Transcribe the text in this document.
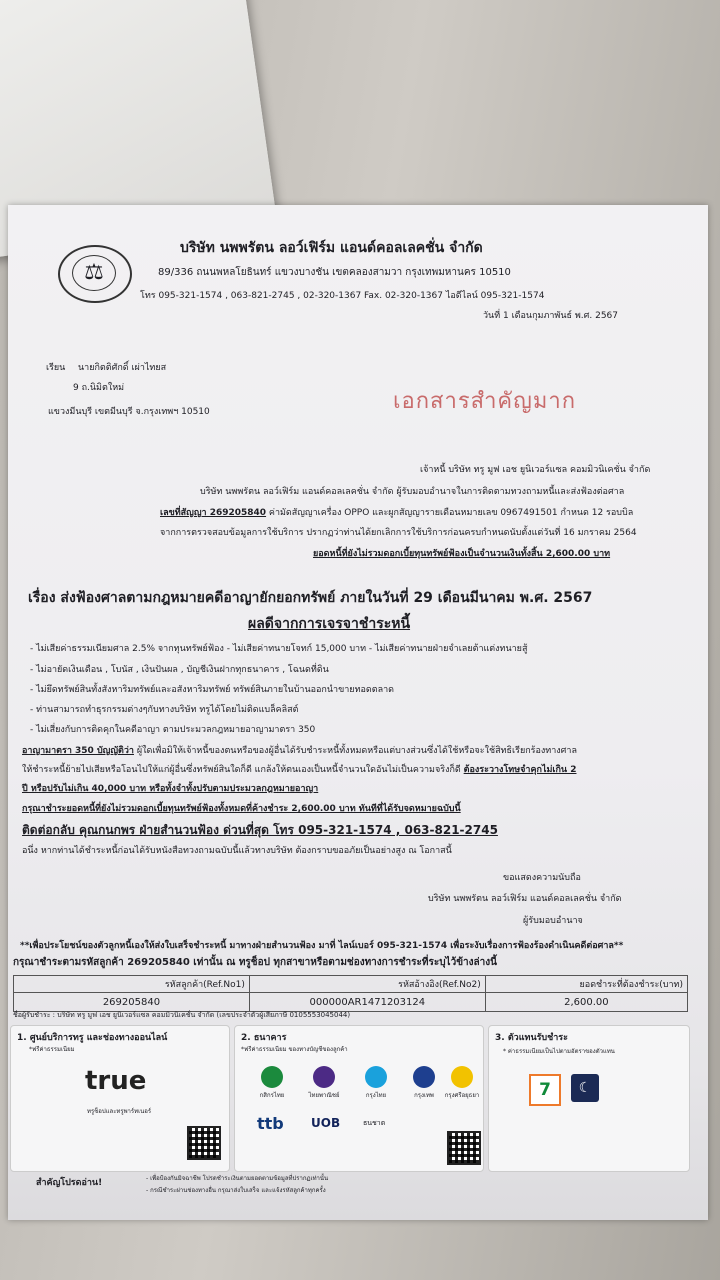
⚖
บริษัท นพพรัตน ลอว์เฟิร์ม แอนด์คอลเลคชั่น จำกัด
89/336 ถนนพหลโยธินทร์ แขวงบางชัน เขตคลองสามวา กรุงเทพมหานคร 10510
โทร 095-321-1574 , 063-821-2745 , 02-320-1367 Fax. 02-320-1367 ไอดีไลน์ 095-321-1574
วันที่ 1 เดือนกุมภาพันธ์ พ.ศ. 2567
เรียน นายกิตติศักดิ์ เผ่าไทยส
9 ถ.นิมิตใหม่
แขวงมีนบุรี เขตมีนบุรี จ.กรุงเทพฯ 10510	เอกสารสำคัญมาก
เจ้าหนี้ บริษัท ทรู มูฟ เอช ยูนิเวอร์แซล คอมมิวนิเคชั่น จำกัด
บริษัท นพพรัตน ลอว์เฟิร์ม แอนด์คอลเลคชั่น จำกัด ผู้รับมอบอำนาจในการติดตามทวงถามหนี้และส่งฟ้องต่อศาล
เลขที่สัญญา 269205840 ค่ามัดสัญญาเครื่อง OPPO และผูกสัญญารายเดือนหมายเลข 0967491501 กำหนด 12 รอบบิล
จากการตรวจสอบข้อมูลการใช้บริการ ปรากฏว่าท่านได้ยกเลิกการใช้บริการก่อนครบกำหนดนับตั้งแต่วันที่ 16 มกราคม 2564
ยอดหนี้ที่ยังไม่รวมดอกเบี้ยทุนทรัพย์ฟ้องเป็นจำนวนเงินทั้งสิ้น 2,600.00 บาท
เรื่อง ส่งฟ้องศาลตามกฎหมายคดีอาญายักยอกทรัพย์ ภายในวันที่ 29 เดือนมีนาคม พ.ศ. 2567
ผลดีจากการเจรจาชำระหนี้
- ไม่เสียค่าธรรมเนียมศาล 2.5% จากทุนทรัพย์ฟ้อง - ไม่เสียค่าทนายโจทก์ 15,000 บาท - ไม่เสียค่าทนายฝ่ายจำเลยต้าแต่งทนายสู้
- ไม่อายัดเงินเดือน , โบนัส , เงินปันผล , บัญชีเงินฝากทุกธนาคาร , โฉนดที่ดิน
- ไม่ยึดทรัพย์สินทั้งสังหาริมทรัพย์และอสังหาริมทรัพย์ ทรัพย์สินภายในบ้านออกนำขายทอดตลาด
- ท่านสามารถทำธุรกรรมต่างๆกับทางบริษัท ทรูได้โดยไม่ติดแบล็คลิสต์
- ไม่เสี่ยงกับการติดคุกในคดีอาญา ตามประมวลกฎหมายอาญามาตรา 350
อาญามาตรา 350 บัญญัติว่า ผู้ใดเพื่อมิให้เจ้าหนี้ของตนหรือของผู้อื่นได้รับชำระหนี้ทั้งหมดหรือแต่บางส่วนซึ่งได้ใช้หรือจะใช้สิทธิเรียกร้องทางศาล
ให้ชำระหนี้ย้ายไปเสียหรือโอนไปให้แก่ผู้อื่นซึ่งทรัพย์สินใดก็ดี แกล้งให้ตนเองเป็นหนี้จำนวนใดอันไม่เป็นความจริงก็ดี ต้องระวางโทษจำคุกไม่เกิน 2
ปี หรือปรับไม่เกิน 40,000 บาท หรือทั้งจำทั้งปรับตามประมวลกฎหมายอาญา
กรุณาชำระยอดหนี้ที่ยังไม่รวมดอกเบี้ยทุนทรัพย์ฟ้องทั้งหมดที่ค้างชำระ 2,600.00 บาท ทันทีที่ได้รับจดหมายฉบับนี้
ติดต่อกลับ คุณกนกพร ฝ่ายสำนวนฟ้อง ด่วนที่สุด โทร 095-321-1574 , 063-821-2745
อนึ่ง หากท่านได้ชำระหนี้ก่อนได้รับหนังสือทวงถามฉบับนี้แล้วทางบริษัท ต้องกราบขออภัยเป็นอย่างสูง ณ โอกาสนี้
ขอแสดงความนับถือ
บริษัท นพพรัตน ลอว์เฟิร์ม แอนด์คอลเลคชั่น จำกัด
ผู้รับมอบอำนาจ
**เพื่อประโยชน์ของตัวลูกหนี้เองให้ส่งใบเสร็จชำระหนี้ มาทางฝ่ายสำนวนฟ้อง มาที่ ไลน์เบอร์ 095-321-1574 เพื่อระงับเรื่องการฟ้องร้องดำเนินคดีต่อศาล**
กรุณาชำระตามรหัสลูกค้า 269205840 เท่านั้น ณ ทรูช็อป ทุกสาขาหรือตามช่องทางการชำระที่ระบุไว้ข้างล่างนี้
รหัสลูกค้า(Ref.No1)	รหัสอ้างอิง(Ref.No2)	ยอดชำระที่ต้องชำระ(บาท)
269205840	000000AR1471203124	2,600.00
ชื่อผู้รับชำระ : บริษัท ทรู มูฟ เอช ยูนิเวอร์แซล คอมมิวนิเคชั่น จำกัด (เลขประจำตัวผู้เสียภาษี 0105553045044)
1. ศูนย์บริการทรู และช่องทางออนไลน์
*ฟรีค่าธรรมเนียม
true
ทรูช็อปและทรูพาร์ทเนอร์
2. ธนาคาร
*ฟรีค่าธรรมเนียม ของทางบัญชีของลูกค้า
กสิกรไทย	ไทยพาณิชย์	กรุงไทย	กรุงเทพ	กรุงศรีอยุธยา
ttb UOB	ธนชาต
3. ตัวแทนรับชำระ
* ค่าธรรมเนียมเป็นไปตามอัตราของตัวแทน
7	☾
สำคัญโปรดอ่าน!	- เพื่อป้องกันมิจฉาชีพ โปรดชำระเงินตามยอดตามข้อมูลที่ปรากฏเท่านั้น
- กรณีชำระผ่านช่องทางอื่น กรุณาส่งใบเสร็จ และแจ้งรหัสลูกค้าทุกครั้ง
